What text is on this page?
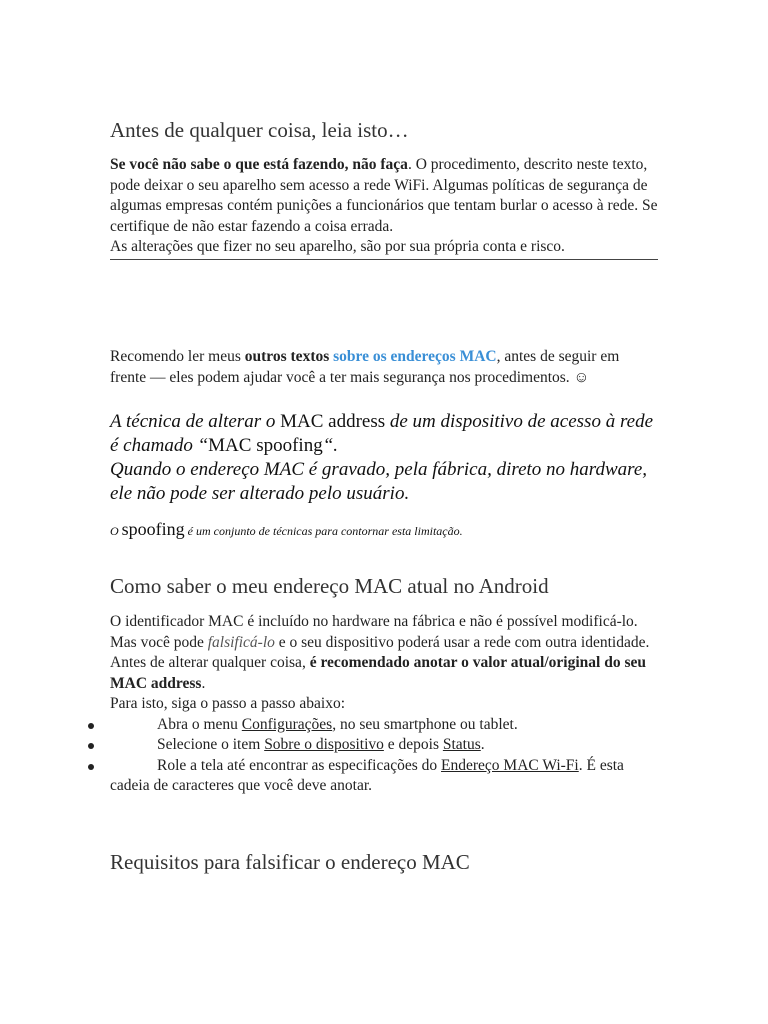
Antes de qualquer coisa, leia isto…

Se você não sabe o que está fazendo, não faça. O procedimento, descrito neste texto, pode deixar o seu aparelho sem acesso a rede WiFi. Algumas políticas de segurança de algumas empresas contém punições a funcionários que tentam burlar o acesso à rede. Se certifique de não estar fazendo a coisa errada.

As alterações que fizer no seu aparelho, são por sua própria conta e risco.

Recomendo ler meus outros textos sobre os endereços MAC, antes de seguir em frente — eles podem ajudar você a ter mais segurança nos procedimentos. ☺

A técnica de alterar o MAC address de um dispositivo de acesso à rede é chamado “MAC spoofing“.

Quando o endereço MAC é gravado, pela fábrica, direto no hardware, ele não pode ser alterado pelo usuário.

O spoofing é um conjunto de técnicas para contornar esta limitação.

Como saber o meu endereço MAC atual no Android

O identificador MAC é incluído no hardware na fábrica e não é possível modificá-lo. Mas você pode falsificá-lo e o seu dispositivo poderá usar a rede com outra identidade.

Antes de alterar qualquer coisa, é recomendado anotar o valor atual/original do seu MAC address.

Para isto, siga o passo a passo abaixo:

Abra o menu Configurações, no seu smartphone ou tablet.
Selecione o item Sobre o dispositivo e depois Status.
Role a tela até encontrar as especificações do Endereço MAC Wi-Fi. É esta cadeia de caracteres que você deve anotar.
Requisitos para falsificar o endereço MAC
